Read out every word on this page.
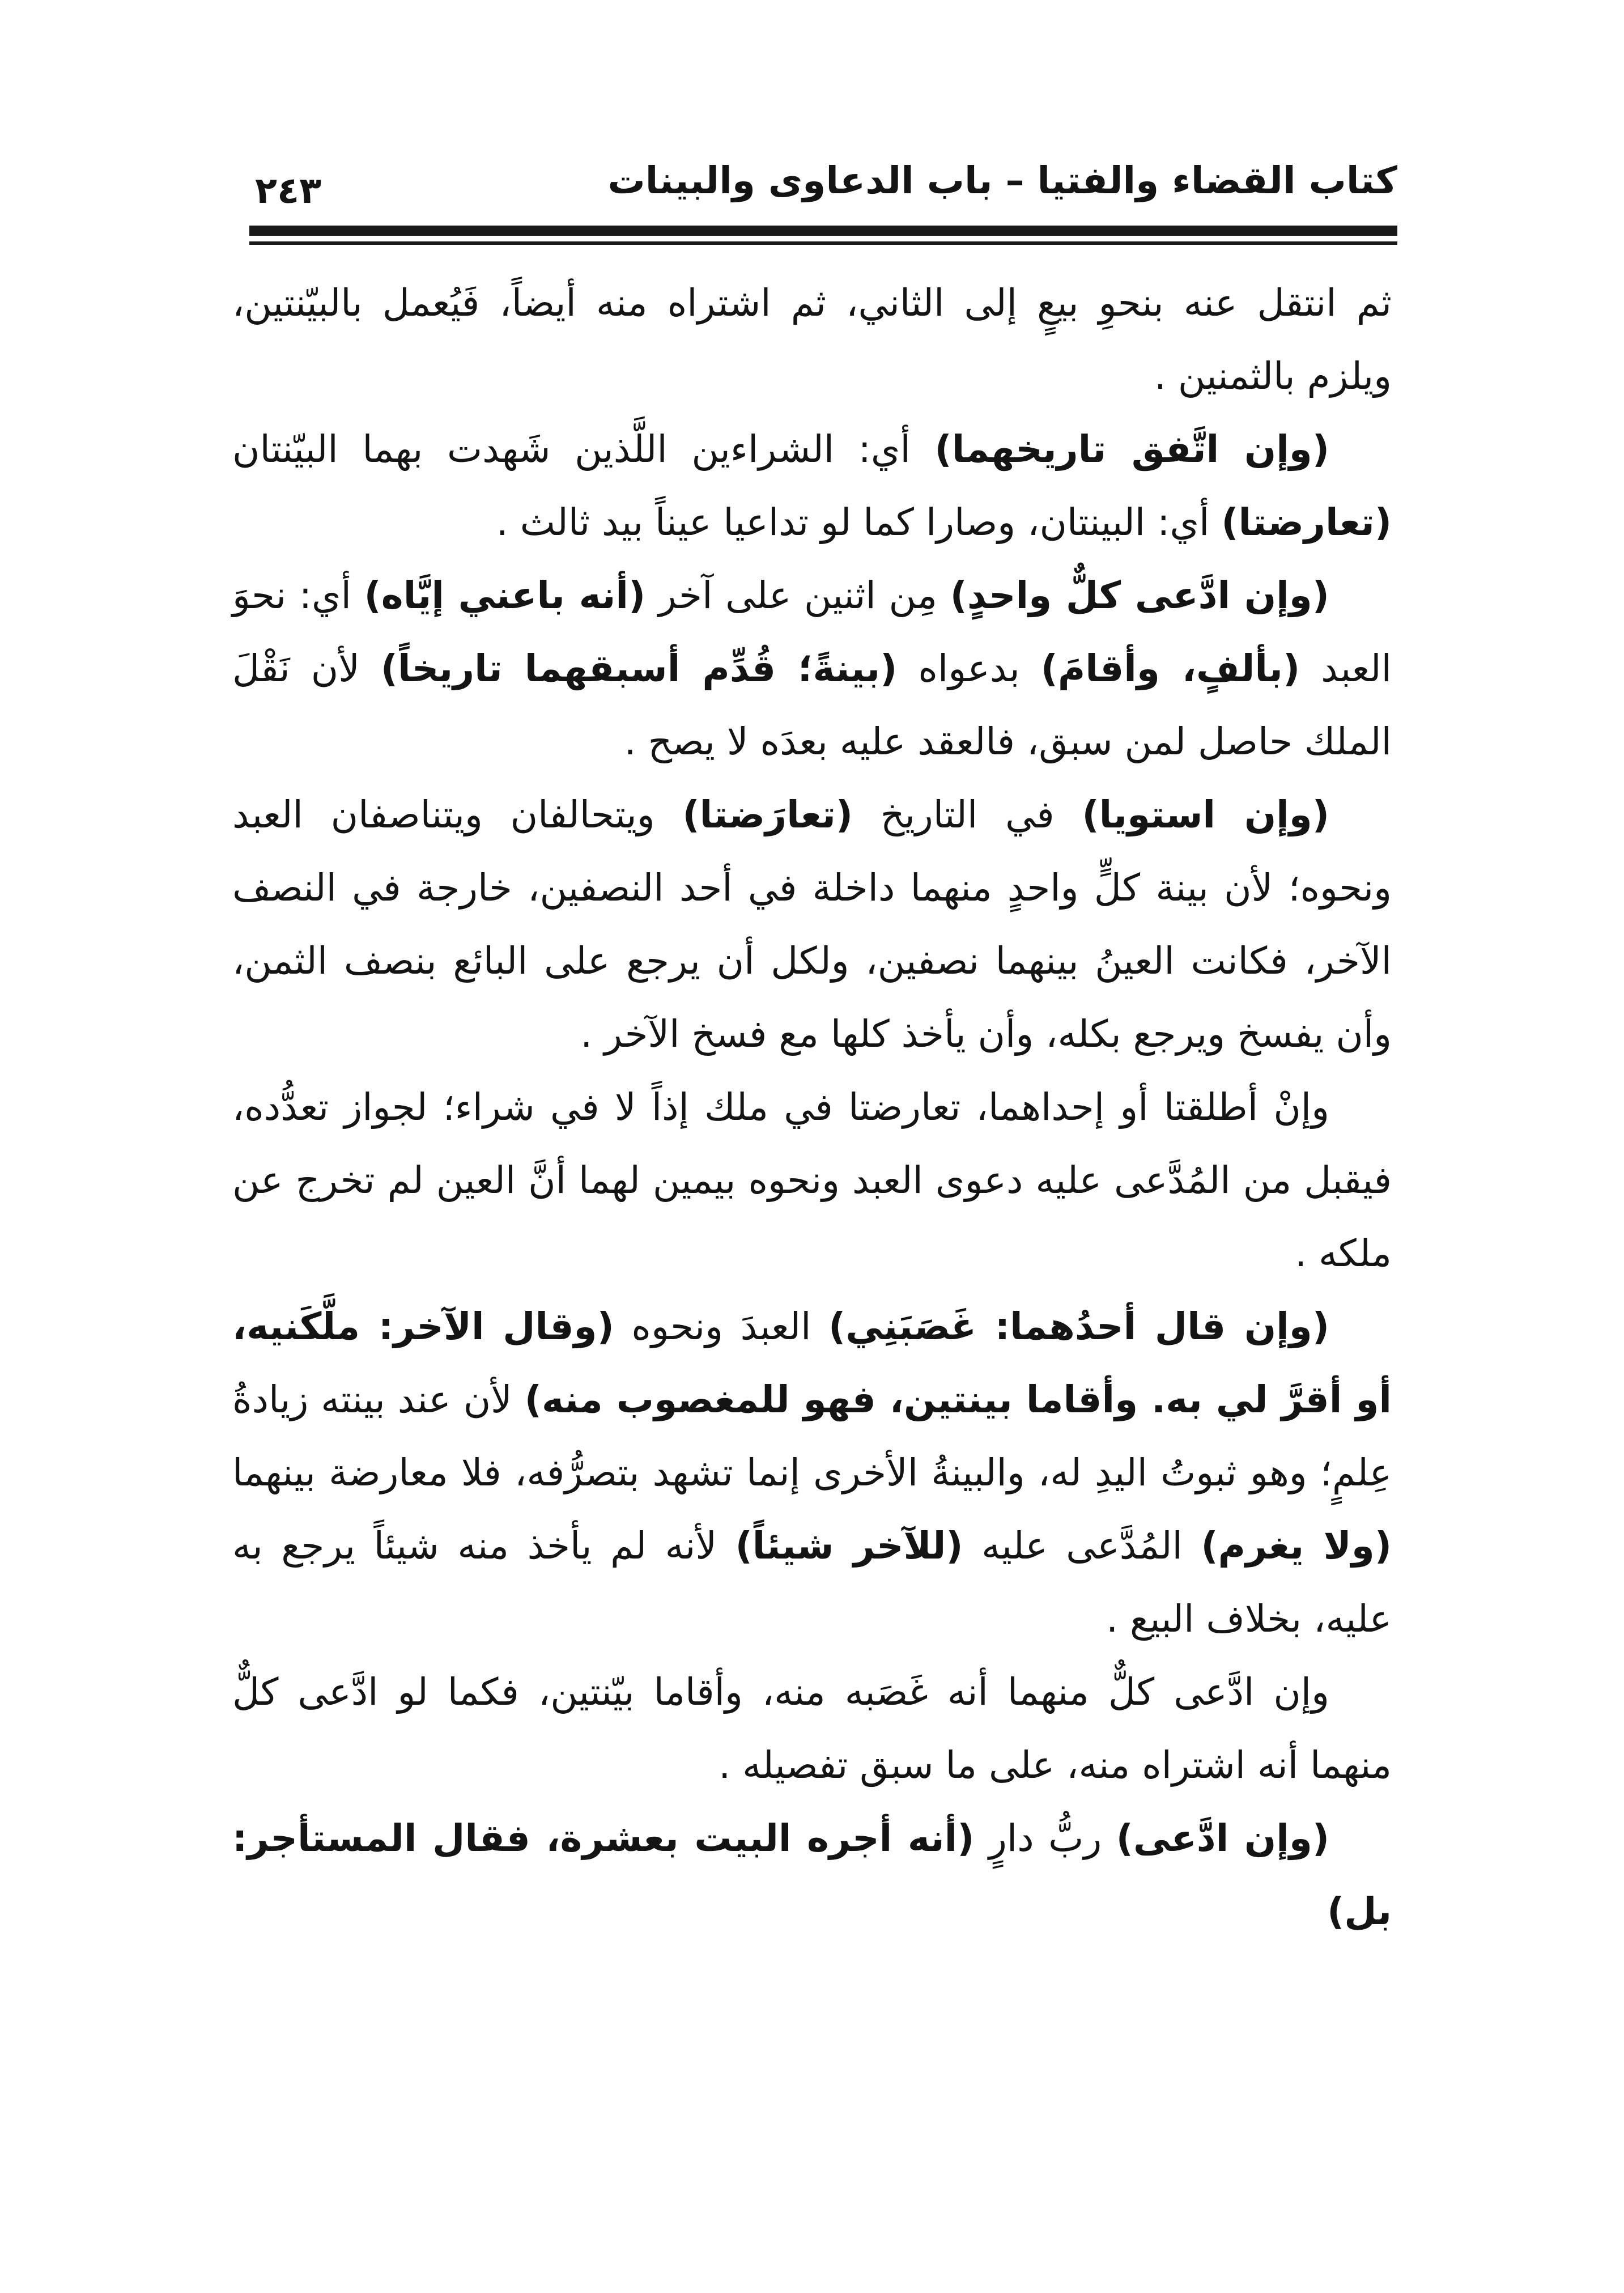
كتاب القضاء والفتيا – باب الدعاوى والبينات
٢٤٣

ثم انتقل عنه بنحوِ بيعٍ إلى الثاني، ثم اشتراه منه أيضاً، فَيُعمل بالبيّنتين، ويلزم بالثمنين .

(وإن اتَّفق تاريخهما) أي: الشراءين اللَّذين شَهدت بهما البيّنتان (تعارضتا) أي: البينتان، وصارا كما لو تداعيا عيناً بيد ثالث .

(وإن ادَّعى كلٌّ واحدٍ) مِن اثنين على آخر (أنه باعني إيَّاه) أي: نحوَ العبد (بألفٍ، وأقامَ) بدعواه (بينةً؛ قُدِّم أسبقهما تاريخاً) لأن نَقْلَ الملك حاصل لمن سبق، فالعقد عليه بعدَه لا يصح .

(وإن استويا) في التاريخ (تعارَضتا) ويتحالفان ويتناصفان العبد ونحوه؛ لأن بينة كلٍّ واحدٍ منهما داخلة في أحد النصفين، خارجة في النصف الآخر، فكانت العينُ بينهما نصفين، ولكل أن يرجع على البائع بنصف الثمن، وأن يفسخ ويرجع بكله، وأن يأخذ كلها مع فسخ الآخر .

وإنْ أطلقتا أو إحداهما، تعارضتا في ملك إذاً لا في شراء؛ لجواز تعدُّده، فيقبل من المُدَّعى عليه دعوى العبد ونحوه بيمين لهما أنَّ العين لم تخرج عن ملكه .

(وإن قال أحدُهما: غَصَبَنِي) العبدَ ونحوه (وقال الآخر: ملَّكَنيه، أو أقرَّ لي به. وأقاما بينتين، فهو للمغصوب منه) لأن عند بينته زيادةُ عِلمٍ؛ وهو ثبوتُ اليدِ له، والبينةُ الأخرى إنما تشهد بتصرُّفه، فلا معارضة بينهما (ولا يغرم) المُدَّعى عليه (للآخر شيئاً) لأنه لم يأخذ منه شيئاً يرجع به عليه، بخلاف البيع .

وإن ادَّعى كلٌّ منهما أنه غَصَبه منه، وأقاما بيّنتين، فكما لو ادَّعى كلٌّ منهما أنه اشتراه منه، على ما سبق تفصيله .

(وإن ادَّعى) ربُّ دارٍ (أنه أجره البيت بعشرة، فقال المستأجر: بل)
